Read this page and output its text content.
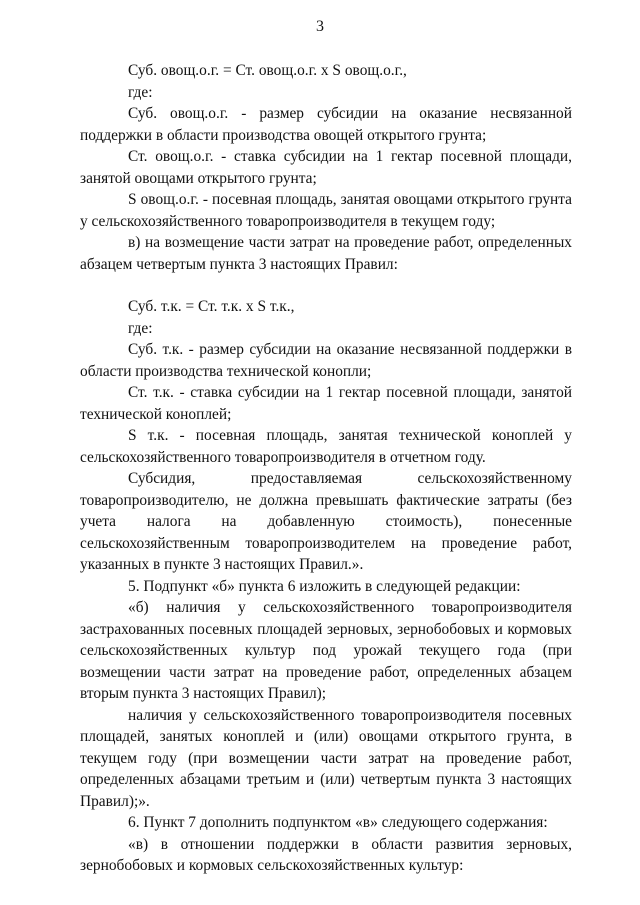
3

Суб. овощ.о.г. = Ст. овощ.о.г. x S овощ.о.г.,

где:

Суб. овощ.о.г. - размер субсидии на оказание несвязанной поддержки в области производства овощей открытого грунта;

Ст. овощ.о.г. - ставка субсидии на 1 гектар посевной площади, занятой овощами открытого грунта;

S овощ.о.г. - посевная площадь, занятая овощами открытого грунта у сельскохозяйственного товаропроизводителя в текущем году;

в) на возмещение части затрат на проведение работ, определенных абзацем четвертым пункта 3 настоящих Правил:

Суб. т.к. = Ст. т.к. x S т.к.,

где:

Суб. т.к. - размер субсидии на оказание несвязанной поддержки в области производства технической конопли;

Ст. т.к. - ставка субсидии на 1 гектар посевной площади, занятой технической коноплей;

S т.к. - посевная площадь, занятая технической коноплей у сельскохозяйственного товаропроизводителя в отчетном году.

Субсидия, предоставляемая сельскохозяйственному товаропроизводителю, не должна превышать фактические затраты (без учета налога на добавленную стоимость), понесенные сельскохозяйственным товаропроизводителем на проведение работ, указанных в пункте 3 настоящих Правил.».

5. Подпункт «б» пункта 6 изложить в следующей редакции:

«б) наличия у сельскохозяйственного товаропроизводителя застрахованных посевных площадей зерновых, зернобобовых и кормовых сельскохозяйственных культур под урожай текущего года (при возмещении части затрат на проведение работ, определенных абзацем вторым пункта 3 настоящих Правил);

наличия у сельскохозяйственного товаропроизводителя посевных площадей, занятых коноплей и (или) овощами открытого грунта, в текущем году (при возмещении части затрат на проведение работ, определенных абзацами третьим и (или) четвертым пункта 3 настоящих Правил);».

6. Пункт 7 дополнить подпунктом «в» следующего содержания:

«в) в отношении поддержки в области развития зерновых, зернобобовых и кормовых сельскохозяйственных культур:
